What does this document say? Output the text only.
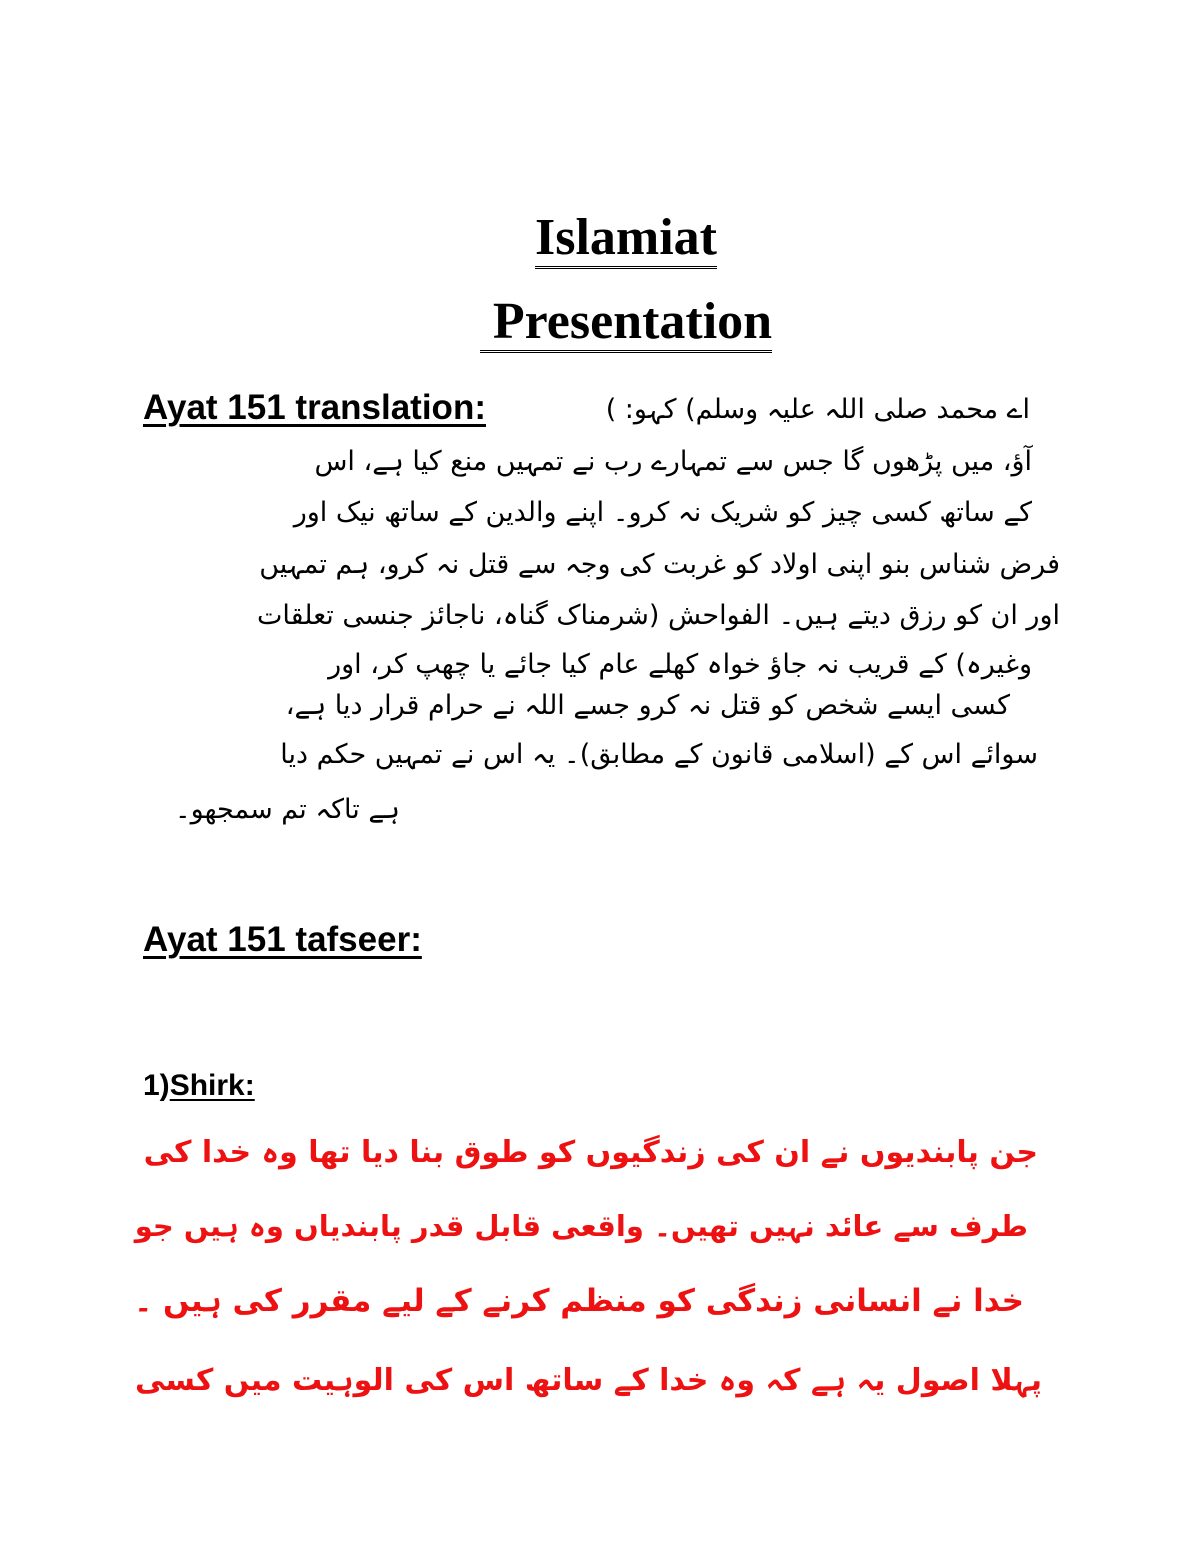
Islamiat

Presentation

Ayat 151 translation:	اے محمد صلی اللہ علیہ وسلم) کہو: )
آؤ، میں پڑھوں گا جس سے تمہارے رب نے تمہیں منع کیا ہے، اس
کے ساتھ کسی چیز کو شریک نہ کرو۔ اپنے والدین کے ساتھ نیک اور
فرض شناس بنو اپنی اولاد کو غربت کی وجہ سے قتل نہ کرو، ہم تمہیں
اور ان کو رزق دیتے ہیں۔ الفواحش (شرمناک گناہ، ناجائز جنسی تعلقات
وغیرہ) کے قریب نہ جاؤ خواہ کھلے عام کیا جائے یا چھپ کر، اور
کسی ایسے شخص کو قتل نہ کرو جسے اللہ نے حرام قرار دیا ہے،
سوائے اس کے (اسلامی قانون کے مطابق)۔ یہ اس نے تمہیں حکم دیا
ہے تاکہ تم سمجھو۔
Ayat 151 tafseer:
1)Shirk:
جن پابندیوں نے ان کی زندگیوں کو طوق بنا دیا تھا وہ خدا کی
طرف سے عائد نہیں تھیں۔ واقعی قابل قدر پابندیاں وہ ہیں جو
خدا نے انسانی زندگی کو منظم کرنے کے لیے مقرر کی ہیں ۔
پہلا اصول یہ ہے کہ وہ خدا کے ساتھ اس کی الوہیت میں کسی
